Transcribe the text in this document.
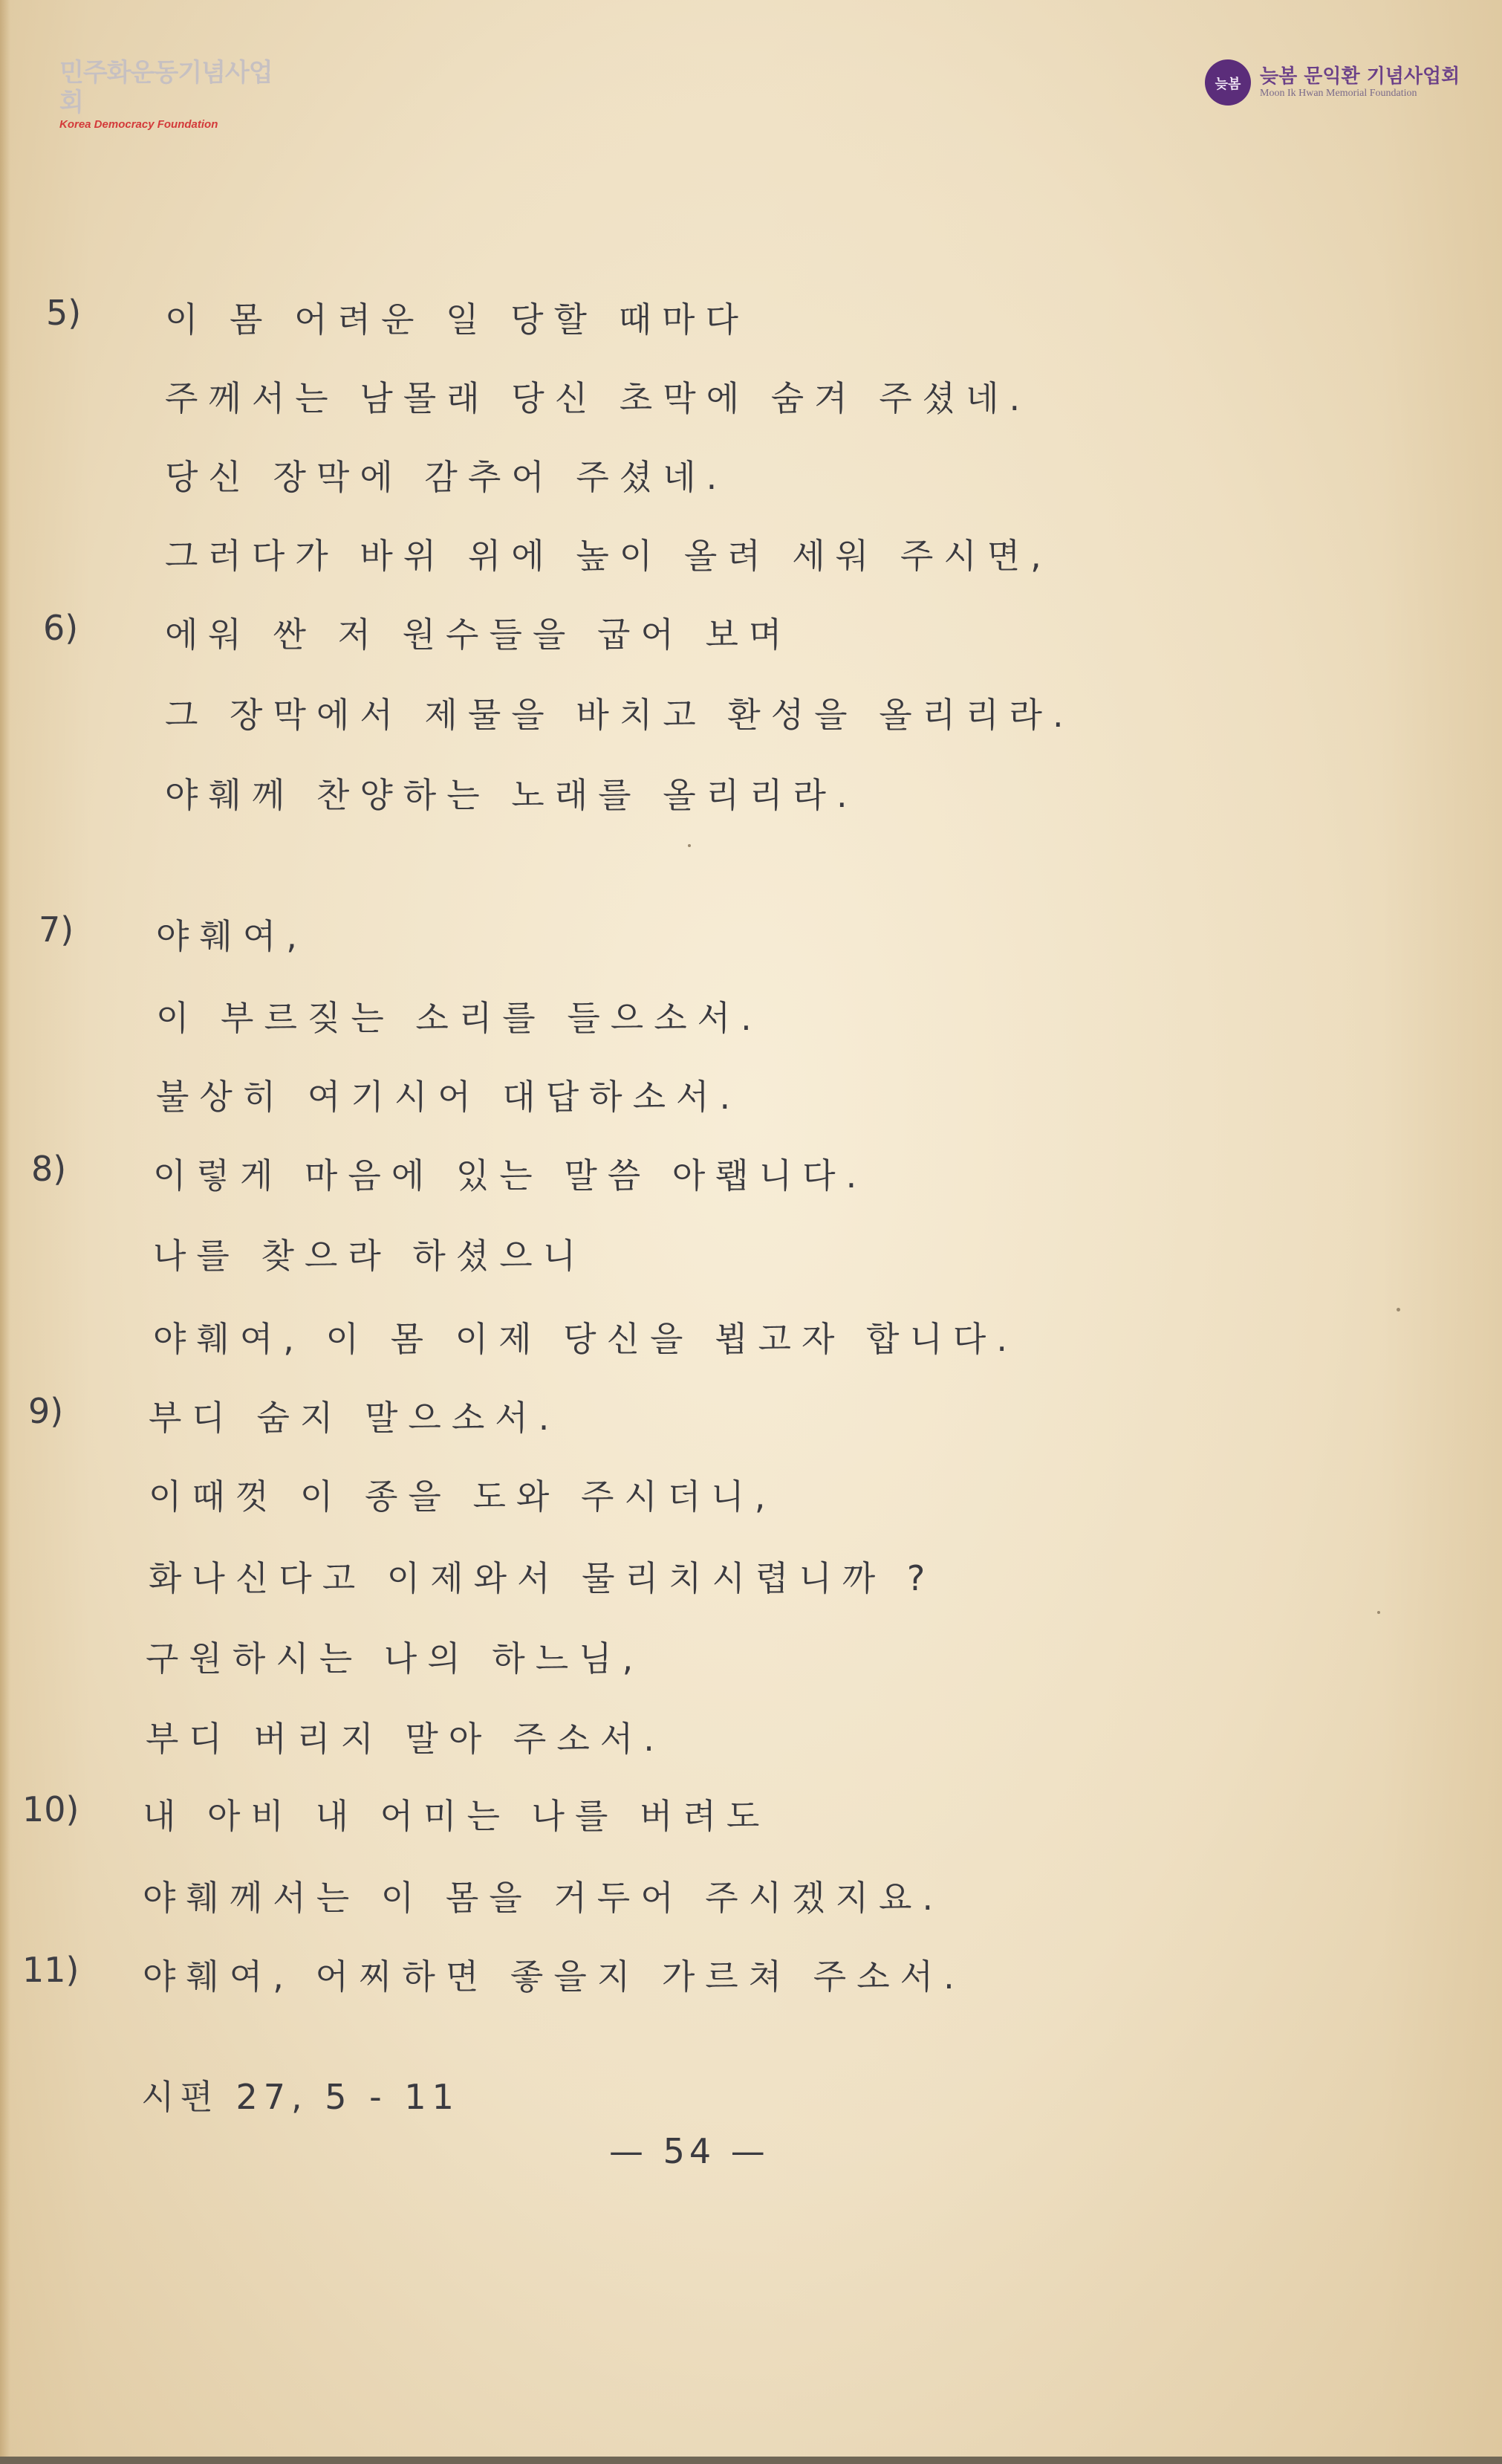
민주화운동기념사업회
Korea Democracy Foundation
늦봄 늦봄 문익환 기념사업회
Moon Ik Hwan Memorial Foundation
5) 이 몸 어려운 일 당할 때마다
주께서는 남몰래 당신 초막에 숨겨 주셨네.
당신 장막에 감추어 주셨네.
그러다가 바위 위에 높이 올려 세워 주시면,
6)	에워 싼 저 원수들을 굽어 보며
그 장막에서 제물을 바치고 환성을 올리리라.
야훼께 찬양하는 노래를 올리리라.
7) 야훼여,
이 부르짖는 소리를 들으소서.
불상히 여기시어 대답하소서.
8)	이렇게 마음에 있는 말씀 아뢥니다.
나를 찾으라 하셨으니
야훼여, 이 몸 이제 당신을 뵙고자 합니다.
9) 부디 숨지 말으소서.
이때껏 이 종을 도와 주시더니,
화나신다고 이제와서 물리치시렵니까 ?
구원하시는 나의 하느님,
부디 버리지 말아 주소서.
10) 내 아비 내 어미는 나를 버려도
야훼께서는 이 몸을 거두어 주시겠지요.
11) 야훼여, 어찌하면 좋을지 가르쳐 주소서.
시편 27, 5 - 11
— 54 —
